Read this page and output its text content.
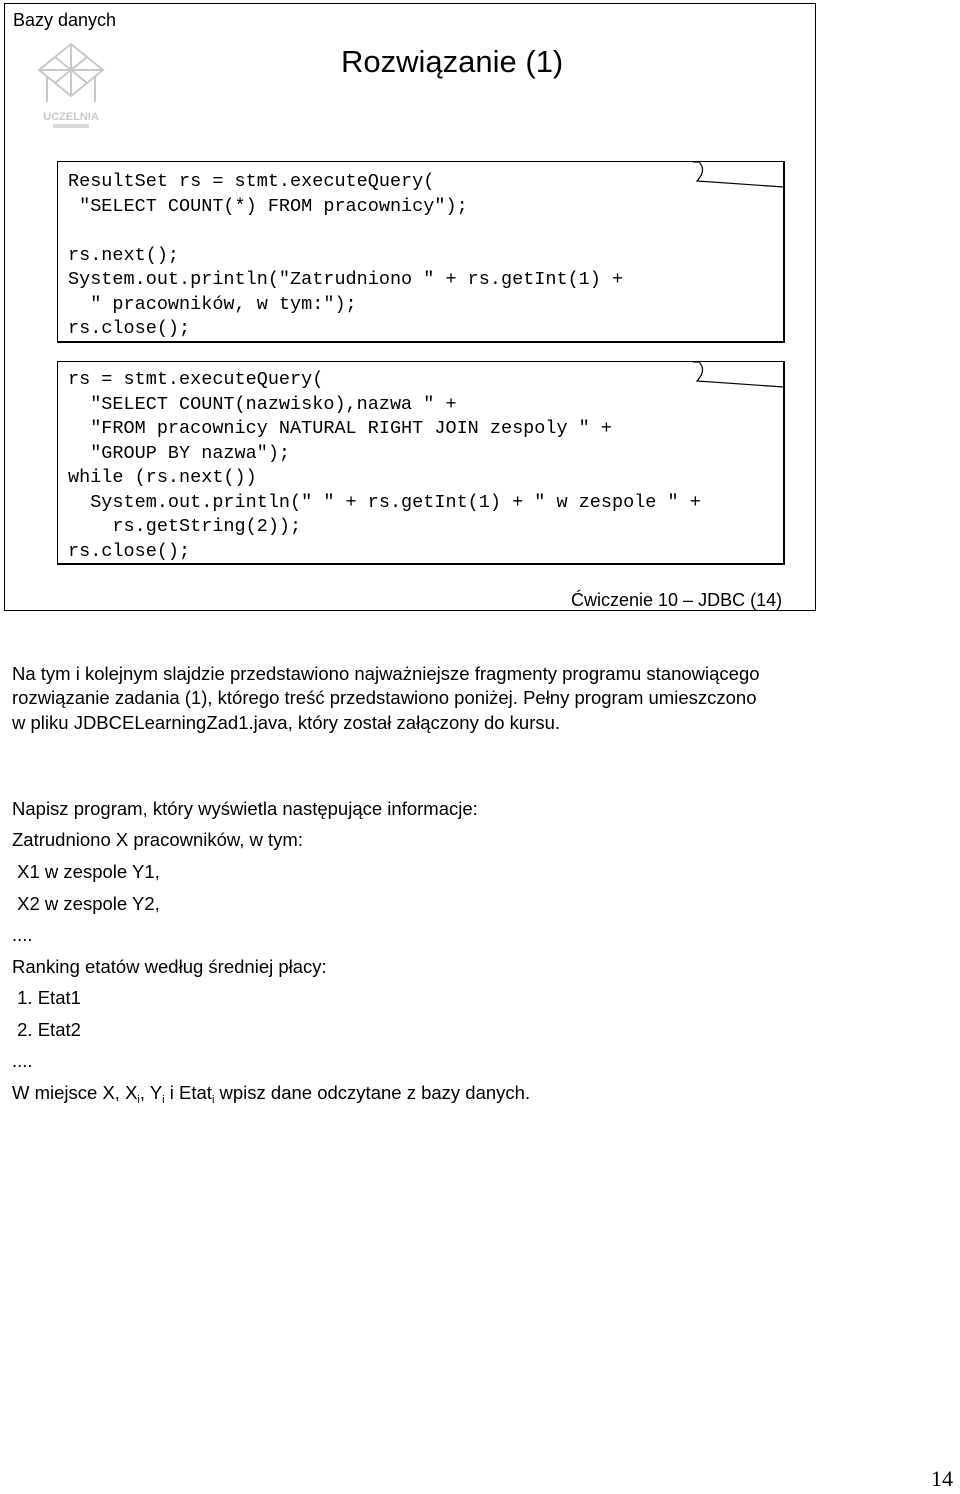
Bazy danych
UCZELNIA
Rozwiązanie (1)
ResultSet rs = stmt.executeQuery(
"SELECT COUNT(*) FROM pracownicy");

rs.next();
System.out.println("Zatrudniono " + rs.getInt(1) +
" pracowników, w tym:");
rs.close();
rs = stmt.executeQuery(
"SELECT COUNT(nazwisko),nazwa " +
"FROM pracownicy NATURAL RIGHT JOIN zespoly " +
"GROUP BY nazwa");
while (rs.next())
System.out.println(" " + rs.getInt(1) + " w zespole " +
rs.getString(2));
rs.close();
Ćwiczenie 10 – JDBC (14)
Na tym i kolejnym slajdzie przedstawiono najważniejsze fragmenty programu stanowiącego rozwiązanie zadania (1), którego treść przedstawiono poniżej. Pełny program umieszczono w pliku JDBCELearningZad1.java, który został załączony do kursu.
Napisz program, który wyświetla następujące informacje:
Zatrudniono X pracowników, w tym:
X1 w zespole Y1,
X2 w zespole Y2,
....
Ranking etatów według średniej płacy:
1. Etat1
2. Etat2
....
W miejsce X, $X_i$, $Y_i$ i Etat$_i$ wpisz dane odczytane z bazy danych.
14
